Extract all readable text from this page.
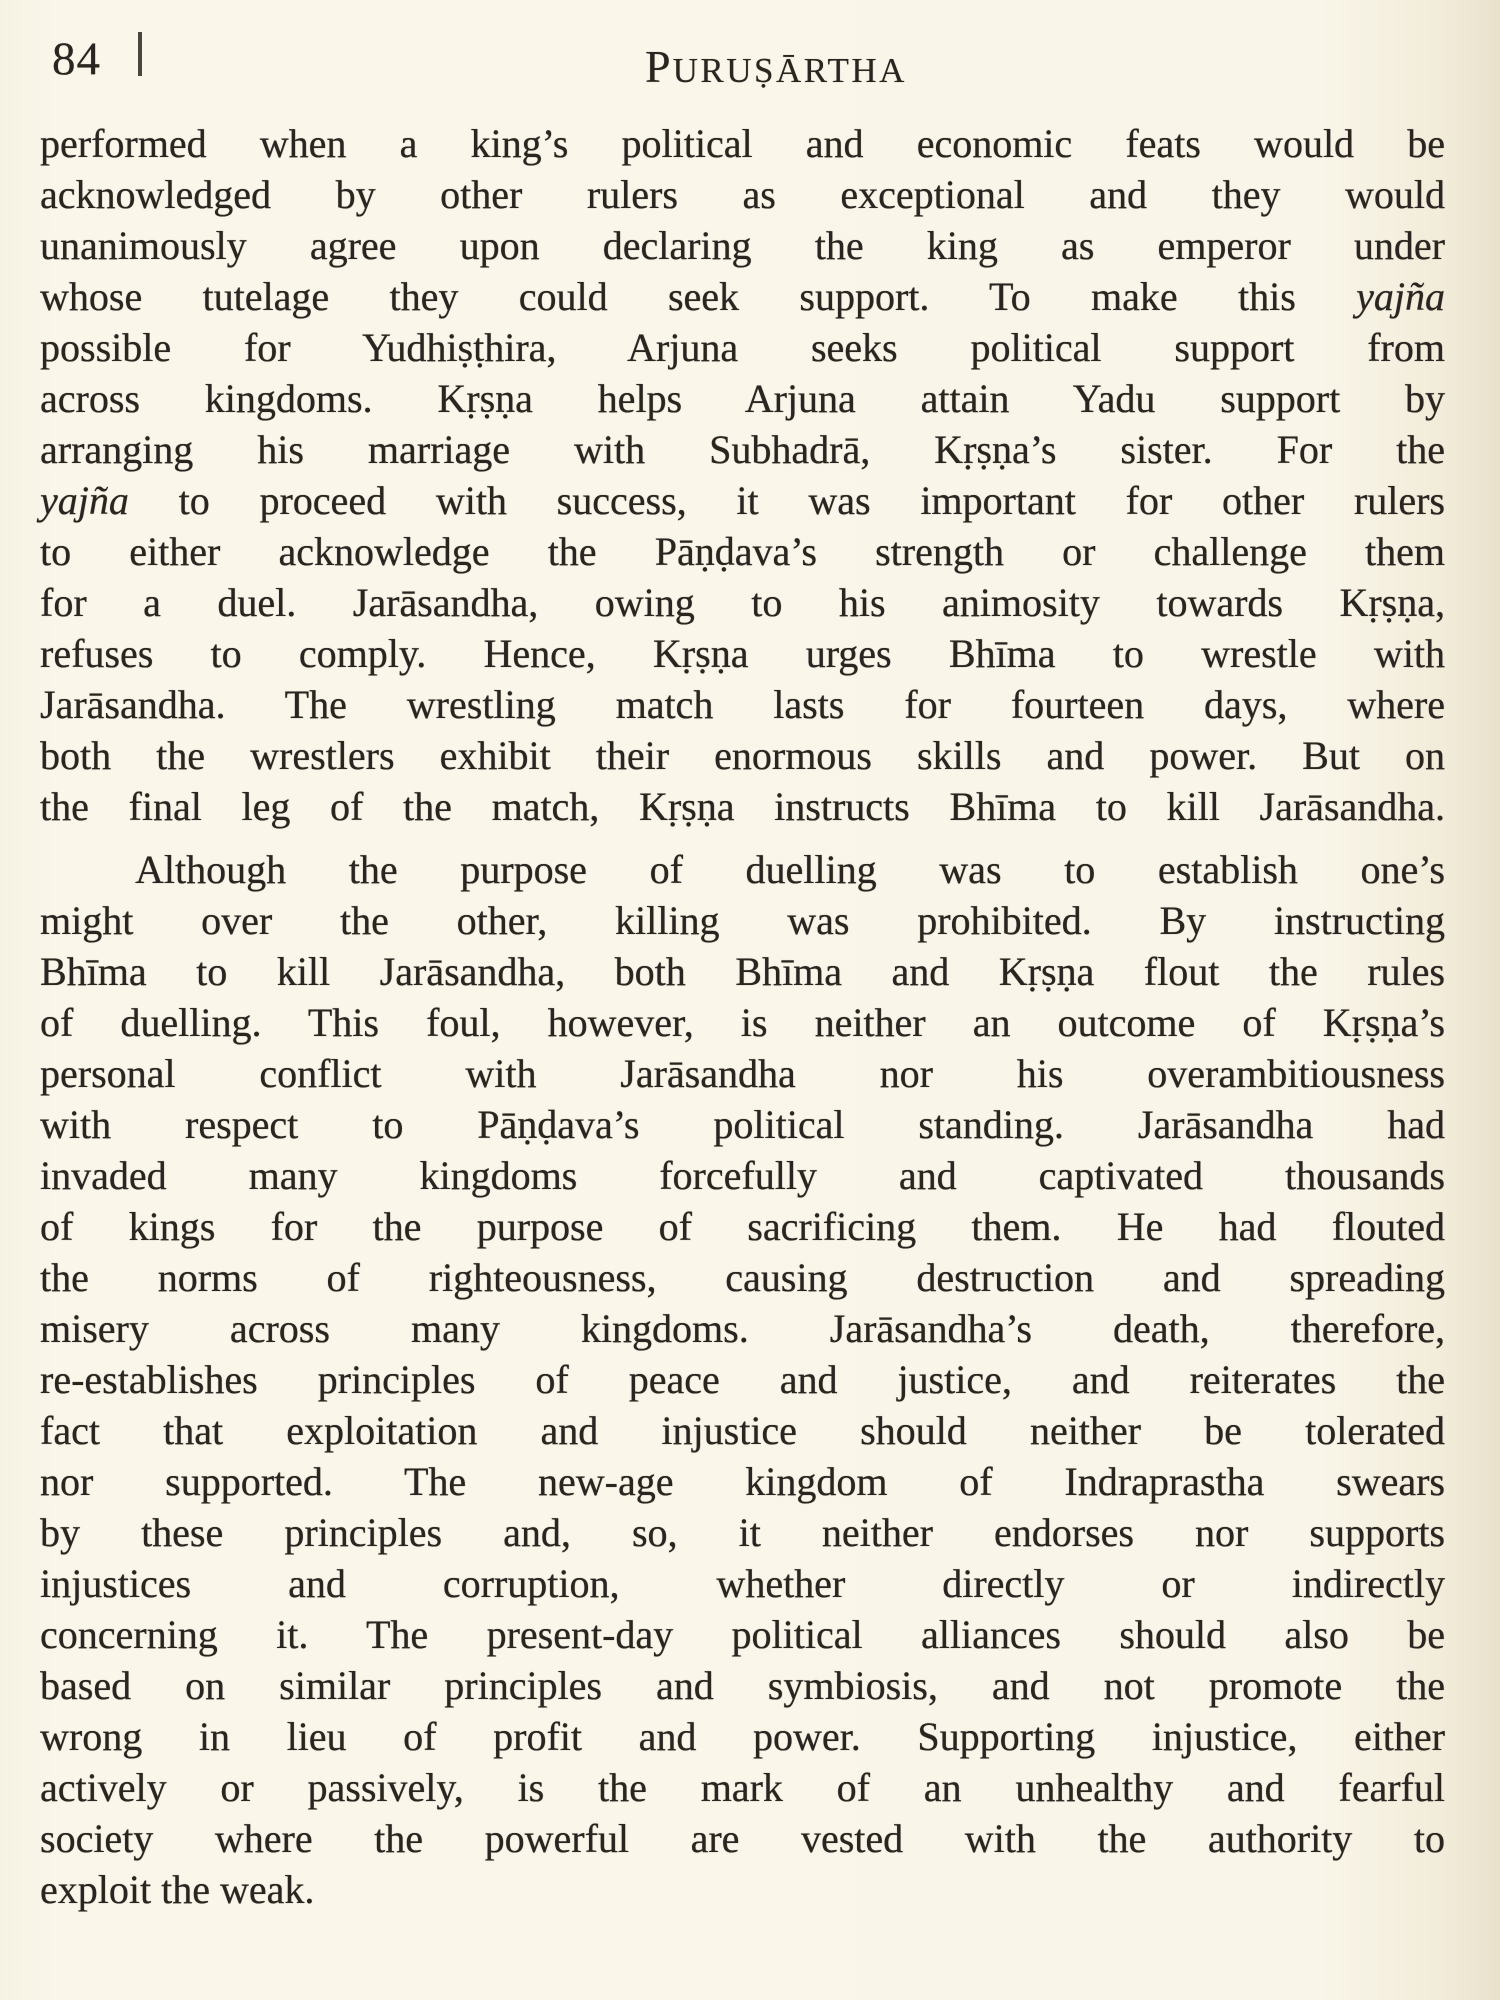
84	PURUṢĀRTHA
performed when a king’s political and economic feats would be
acknowledged by other rulers as exceptional and they would
unanimously agree upon declaring the king as emperor under
whose tutelage they could seek support. To make this yajña
possible for Yudhiṣṭhira, Arjuna seeks political support from
across kingdoms. Kṛṣṇa helps Arjuna attain Yadu support by
arranging his marriage with Subhadrā, Kṛṣṇa’s sister. For the
yajña to proceed with success, it was important for other rulers
to either acknowledge the Pāṇḍava’s strength or challenge them
for a duel. Jarāsandha, owing to his animosity towards Kṛṣṇa,
refuses to comply. Hence, Kṛṣṇa urges Bhīma to wrestle with
Jarāsandha. The wrestling match lasts for fourteen days, where
both the wrestlers exhibit their enormous skills and power. But on
the final leg of the match, Kṛṣṇa instructs Bhīma to kill Jarāsandha.
Although the purpose of duelling was to establish one’s
might over the other, killing was prohibited. By instructing
Bhīma to kill Jarāsandha, both Bhīma and Kṛṣṇa flout the rules
of duelling. This foul, however, is neither an outcome of Kṛṣṇa’s
personal conflict with Jarāsandha nor his overambitiousness
with respect to Pāṇḍava’s political standing. Jarāsandha had
invaded many kingdoms forcefully and captivated thousands
of kings for the purpose of sacrificing them. He had flouted
the norms of righteousness, causing destruction and spreading
misery across many kingdoms. Jarāsandha’s death, therefore,
re-establishes principles of peace and justice, and reiterates the
fact that exploitation and injustice should neither be tolerated
nor supported. The new-age kingdom of Indraprastha swears
by these principles and, so, it neither endorses nor supports
injustices and corruption, whether directly or indirectly
concerning it. The present-day political alliances should also be
based on similar principles and symbiosis, and not promote the
wrong in lieu of profit and power. Supporting injustice, either
actively or passively, is the mark of an unhealthy and fearful
society where the powerful are vested with the authority to
exploit the weak.
